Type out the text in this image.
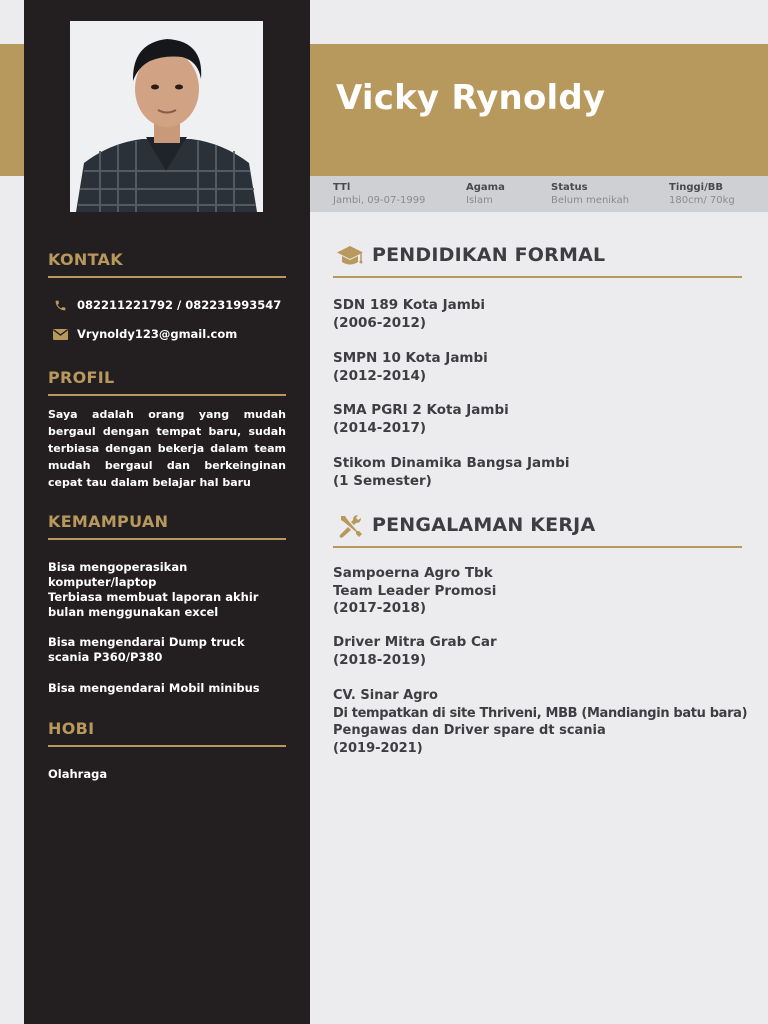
Vicky Rynoldy
TTl
Jambi, 09-07-1999
Agama
Islam
Status
Belum menikah
Tinggi/BB
180cm/ 70kg
KONTAK
082211221792 / 082231993547
Vrynoldy123@gmail.com
PROFIL
Saya adalah orang yang mudah bergaul dengan tempat baru, sudah terbiasa dengan bekerja dalam team mudah bergaul dan berkeinginan cepat tau dalam belajar hal baru
KEMAMPUAN
Bisa mengoperasikan komputer/laptop
Terbiasa membuat laporan akhir bulan menggunakan excel
Bisa mengendarai Dump truck scania P360/P380
Bisa mengendarai Mobil minibus
HOBI
Olahraga
PENDIDIKAN FORMAL
SDN 189 Kota Jambi
(2006-2012)
SMPN 10 Kota Jambi
(2012-2014)
SMA PGRI 2 Kota Jambi
(2014-2017)
Stikom Dinamika Bangsa Jambi
(1 Semester)
PENGALAMAN KERJA
Sampoerna Agro Tbk
Team Leader Promosi
(2017-2018)
Driver Mitra Grab Car
(2018-2019)
CV. Sinar Agro
Di tempatkan di site Thriveni, MBB (Mandiangin batu bara)
Pengawas dan Driver spare dt scania
(2019-2021)
